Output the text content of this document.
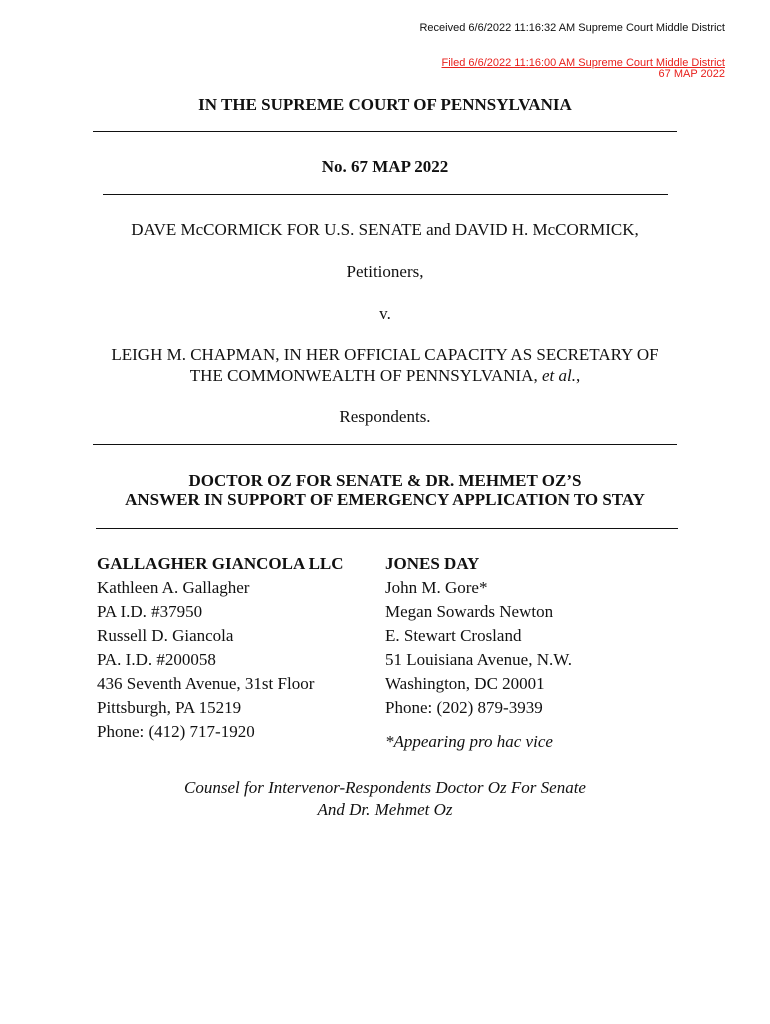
Received 6/6/2022 11:16:32 AM Supreme Court Middle District
Filed 6/6/2022 11:16:00 AM Supreme Court Middle District
67 MAP 2022
IN THE SUPREME COURT OF PENNSYLVANIA
No. 67 MAP 2022
DAVE McCORMICK FOR U.S. SENATE and DAVID H. McCORMICK,
Petitioners,
v.
LEIGH M. CHAPMAN, IN HER OFFICIAL CAPACITY AS SECRETARY OF
THE COMMONWEALTH OF PENNSYLVANIA, et al.,
Respondents.
DOCTOR OZ FOR SENATE & DR. MEHMET OZ’S
ANSWER IN SUPPORT OF EMERGENCY APPLICATION TO STAY
GALLAGHER GIANCOLA LLC
Kathleen A. Gallagher
PA I.D. #37950
Russell D. Giancola
PA. I.D. #200058
436 Seventh Avenue, 31st Floor
Pittsburgh, PA 15219
Phone: (412) 717-1920
JONES DAY
John M. Gore*
Megan Sowards Newton
E. Stewart Crosland
51 Louisiana Avenue, N.W.
Washington, DC 20001
Phone: (202) 879-3939
*Appearing pro hac vice
Counsel for Intervenor-Respondents Doctor Oz For Senate
And Dr. Mehmet Oz
